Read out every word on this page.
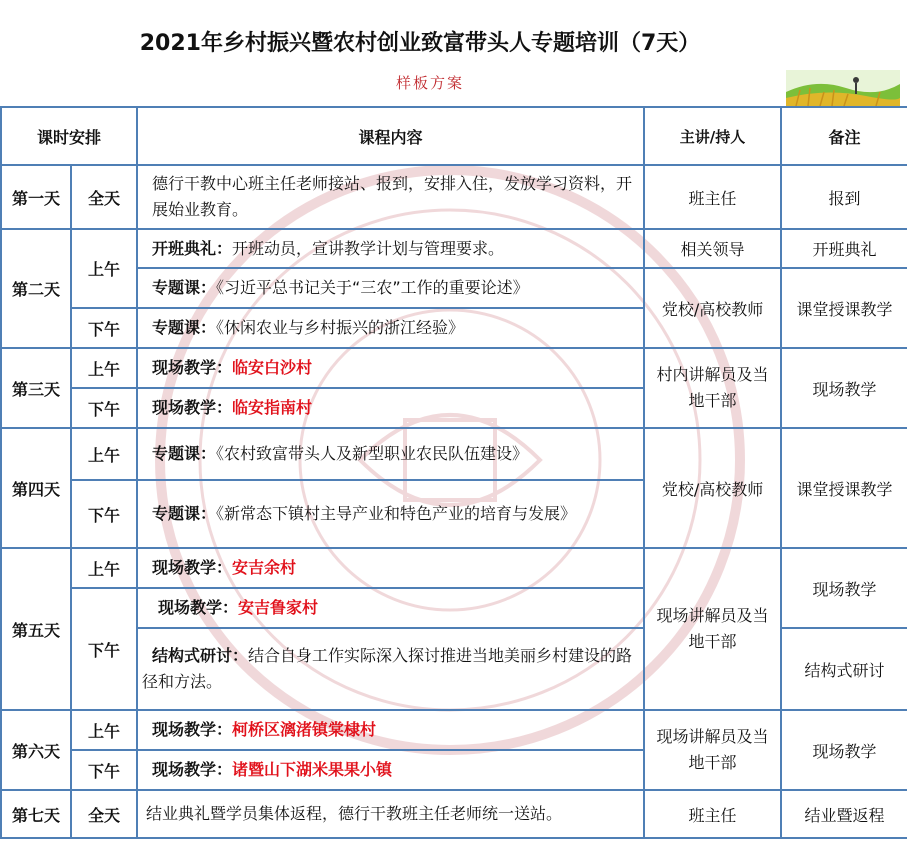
2021年乡村振兴暨农村创业致富带头人专题培训（7天）
样板方案
课时安排		课程内容	主讲/持人	备注
第一天	全天	德行干教中心班主任老师接站、报到，安排入住，发放学习资料，开展始业教育。	班主任	报到
第二天	上午	开班典礼：开班动员，宣讲教学计划与管理要求。	相关领导	开班典礼
		专题课：《习近平总书记关于“三农”工作的重要论述》	党校/高校教师	课堂授课教学
	下午	专题课：《休闲农业与乡村振兴的浙江经验》		
第三天	上午	现场教学：临安白沙村	村内讲解员及当地干部	现场教学
	下午	现场教学：临安指南村		
第四天	上午	专题课：《农村致富带头人及新型职业农民队伍建设》	党校/高校教师	课堂授课教学
	下午	专题课：《新常态下镇村主导产业和特色产业的培育与发展》		
第五天	上午	现场教学：安吉余村	现场讲解员及当地干部	现场教学
	下午	现场教学：安吉鲁家村		
		结构式研讨：结合自身工作实际深入探讨推进当地美丽乡村建设的路径和方法。		结构式研讨
第六天	上午	现场教学：柯桥区漓渚镇棠棣村	现场讲解员及当地干部	现场教学
	下午	现场教学：诸暨山下湖米果果小镇		
第七天	全天	结业典礼暨学员集体返程，德行干教班主任老师统一送站。	班主任	结业暨返程
